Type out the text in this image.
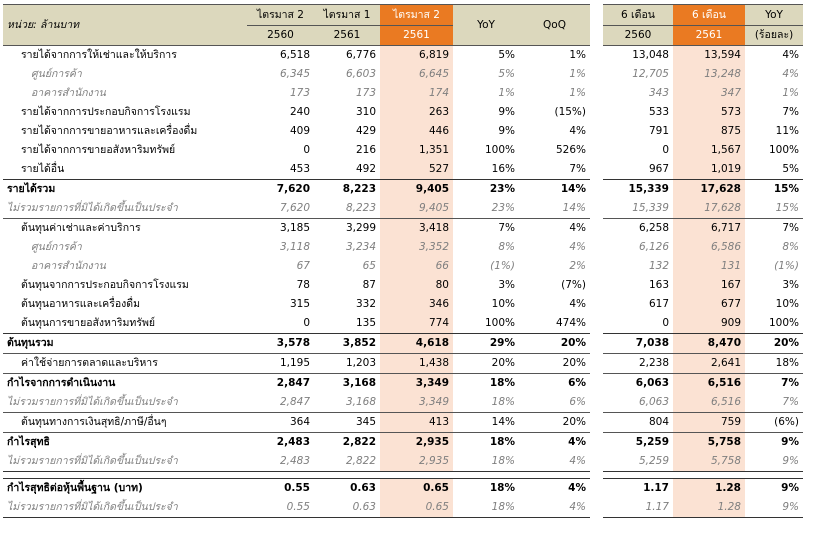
หน่วย: ล้านบาท	ไตรมาส 2	ไตรมาส 1	ไตรมาส 2	YoY	QoQ		6 เดือน	6 เดือน	YoY
	2560	2561	2561				2560	2561	(ร้อยละ)
รายได้จากการให้เช่าและให้บริการ	6,518	6,776	6,819	5%	1%		13,048	13,594	4%
ศูนย์การค้า	6,345	6,603	6,645	5%	1%		12,705	13,248	4%
อาคารสำนักงาน	173	173	174	1%	1%		343	347	1%
รายได้จากการประกอบกิจการโรงแรม	240	310	263	9%	(15%)		533	573	7%
รายได้จากการขายอาหารและเครื่องดื่ม	409	429	446	9%	4%		791	875	11%
รายได้จากการขายอสังหาริมทรัพย์	0	216	1,351	100%	526%		0	1,567	100%
รายได้อื่น	453	492	527	16%	7%		967	1,019	5%
รายได้รวม	7,620	8,223	9,405	23%	14%		15,339	17,628	15%
ไม่รวมรายการที่มิได้เกิดขึ้นเป็นประจำ	7,620	8,223	9,405	23%	14%		15,339	17,628	15%
ต้นทุนค่าเช่าและค่าบริการ	3,185	3,299	3,418	7%	4%		6,258	6,717	7%
ศูนย์การค้า	3,118	3,234	3,352	8%	4%		6,126	6,586	8%
อาคารสำนักงาน	67	65	66	(1%)	2%		132	131	(1%)
ต้นทุนจากการประกอบกิจการโรงแรม	78	87	80	3%	(7%)		163	167	3%
ต้นทุนอาหารและเครื่องดื่ม	315	332	346	10%	4%		617	677	10%
ต้นทุนการขายอสังหาริมทรัพย์	0	135	774	100%	474%		0	909	100%
ต้นทุนรวม	3,578	3,852	4,618	29%	20%		7,038	8,470	20%
ค่าใช้จ่ายการตลาดและบริหาร	1,195	1,203	1,438	20%	20%		2,238	2,641	18%
กำไรจากการดำเนินงาน	2,847	3,168	3,349	18%	6%		6,063	6,516	7%
ไม่รวมรายการที่มิได้เกิดขึ้นเป็นประจำ	2,847	3,168	3,349	18%	6%		6,063	6,516	7%
ต้นทุนทางการเงินสุทธิ/ภาษี/อื่นๆ	364	345	413	14%	20%		804	759	(6%)
กำไรสุทธิ	2,483	2,822	2,935	18%	4%		5,259	5,758	9%
ไม่รวมรายการที่มิได้เกิดขึ้นเป็นประจำ	2,483	2,822	2,935	18%	4%		5,259	5,758	9%

กำไรสุทธิต่อหุ้นพื้นฐาน (บาท)	0.55	0.63	0.65	18%	4%		1.17	1.28	9%
ไม่รวมรายการที่มิได้เกิดขึ้นเป็นประจำ	0.55	0.63	0.65	18%	4%		1.17	1.28	9%
